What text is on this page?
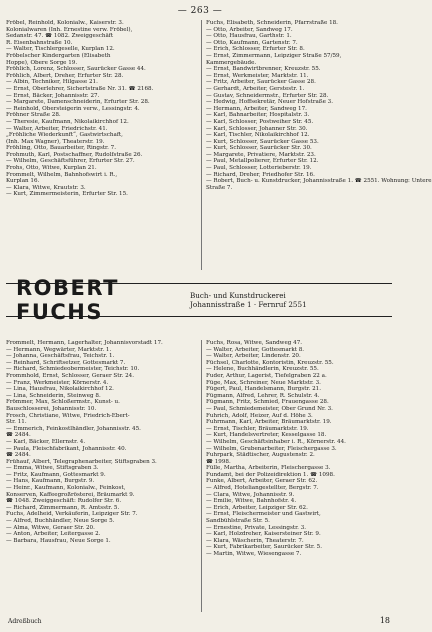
— 263 —
Fröbel, Reinhold, Kolonialw., Kaiserstr. 3.
Kolonialwaren (Inh. Ernestine verw. Fröbel),
Sedanstr. 47. ☎ 1082. Zweiggeschäft
R. Eisenbahnstraße 10.
— Walter, Tischlergeselle, Kurplan 12.
Fröbelscher Kindergarten (Elisabeth
Hoppe), Obere Sorge 19.
Fröhlich, Lorenz, Schlosser, Saurücker Gasse 44.
Fröhlich, Albert, Dreher, Erfurter Str. 28.
— Albin, Techniker, Hilgasse 21.
— Ernst, Oberlehrer, Sichertstraße Nr. 31. ☎ 2168.
— Ernst, Bäcker, Johannisstr. 27.
— Margarete, Damenschneiderin, Erfurter Str. 28.
— Reinhold, Obersteigerin verw., Lessingstr. 4.
Fröhner Straße 28.
— Theresie, Kaufmann, Nikolaikirchhof 12.
— Walter, Arbeiter, Friedrichstr. 41.
„Fröhliche Wiederkunft“, Gastwirtschaft,
(Inh. Max Wagner), Theaterstr. 19.
Fröhling, Otto, Bauarbeiter, Ringstr. 7.
Frohmuth, Karl, Postschaffner, Rudolfstraße 26.
— Wilhelm, Geschäftsführer, Erfurter Str. 27.
Frohs, Otto, Witwe, Kurplan 21.
Frommelt, Wilhelm, Bahnhofswirt i. R.,
Kurplan 16.
— Klara, Witwe, Krautstr. 3.
— Kurt, Zimmermeisterin, Erfurter Str. 15.
Fuchs, Elisabeth, Schneiderin, Pfarrstraße 18.
— Otto, Arbeiter, Sandweg 17.
— Otto, Hausfrau, Garthstr. 1.
— Otto, Kaufmann, Gartenstr. 7.
— Erich, Schlosser, Erfurter Str. 8.
— Ernst, Zimmermann, Leipziger Straße 57/59,
Kammergebäude.
— Ernst, Bandwirtbrenner, Kreuzstr. 55.
— Ernst, Werkmeister, Marktstr. 11.
— Fritz, Arbeiter, Saurücker Gasse 28.
— Gerhardt, Arbeiter, Gerstestr. 1.
— Gustav, Schneidermstr., Erfurter Str. 28.
— Hedwig, Hoffsekretär, Neuer Hofstraße 3.
— Hermann, Arbeiter, Sandweg 17.
— Karl, Bahnarbeiter, Hospitalstr. 3.
— Karl, Schlosser, Postweiher Str. 45.
— Karl, Schlosser, Johanner Str. 30.
— Karl, Tischler, Nikolaikirchhof 12.
— Kurt, Schlosser, Saurücker Gasse 53.
— Kurt, Schlosser, Saurücker Str. 30.
— Margarete, Privatiere, Marktstr. 23.
— Paul, Metallpolierer, Erfurter Str. 12.
— Paul, Schlosser, Lotterieberstr. 19.
— Richard, Dreher, Friedhofer Str. 16.
— Robert, Buch- u. Kunstdrucker, Johannisstraße 1. ☎ 2551. Wohnung: Untere
Straße 7.
ROBERT FUCHS
Buch- und Kunstdruckerei
Johannisstraße 1 · Fernruf 2551
Frommelt, Hermann, Lagerhalter, Johannisvorstadt 17.
— Hermann, Wegwärter, Marktstr. 1.
— Johanna, Geschäftsfrau, Teichstr. 1.
— Reinhard, Schriftsetzer, Gottesmarkt 7.
— Richard, Schmiedeobermeister, Teichstr. 10.
Frommhold, Ernst, Schlosser, Geraer Str. 24.
— Franz, Werkmeister, Körnerstr. 4.
— Lina, Hausfrau, Nikolaikirchhof 12.
— Lina, Schneiderin, Steinweg 8.
Frömmer, Max, Schloßermstr., Kunst- u.
Bauschlosserei, Johannisstr. 10.
Frosch, Christiane, Witwe, Friedrich-Ebert-
Str. 11.
— Emmerich, Feinkostlhändler, Johannisstr. 45.
☎ 2484.
— Karl, Bäcker, Ellernstr. 4.
— Paula, Fleischfabrikant, Johannisstr. 40.
☎ 2484.
Frühauf, Albert, Telegraphenarbeiter, Stiftsgraben 3.
— Emma, Witwe, Stiftsgraben 3.
— Fritz, Kaufmann, Gottesmarkt 9.
— Hans, Kaufmann, Burgstr. 9.
— Heinr., Kaufmann, Kolonialw., Feinkost,
Konserven, Kaffeegroßrösterei, Bräumarkt 9.
☎ 1048. Zweiggeschäft: Rudolfer Str. 6.
— Richard, Zimmermann, R. Amtsstr. 5.
Fuchs, Adelheid, Verkäuferin, Leipziger Str. 7.
— Alfred, Buchhändler, Neue Sorge 5.
— Alma, Witwe, Geraer Str. 20.
— Anton, Arbeiter, Leitergasse 2.
— Barbara, Hausfrau, Neue Sorge 1.
Fuchs, Rosa, Witwe, Sandweg 47.
— Walter, Arbeiter, Gottesmarkt 8.
— Walter, Arbeiter, Lindenstr. 20.
Füchsel, Charlotte, Kontoristin, Kreuzstr. 55.
— Helene, Buchhändlerin, Kreuzstr. 55.
Fuder, Arthur, Lagerist, Tiefelgraben 22 a.
Füge, Max, Schreiner, Neue Marktstr. 3.
Fügert, Paul, Handelsmann, Burgstr. 21.
Fügmann, Alfred, Lehrer, R. Schulstr. 4.
Fügmann, Fritz, Schmied, Frauengasse 28.
— Paul, Schmiedemeister, Ober Grund Nr. 3.
Fuhrich, Adolf, Heizer, Auf d. Höhe 3.
Fuhrmann, Karl, Arbeiter, Bräumarktstr. 19.
— Ernst, Tischler, Bräumarktstr. 19.
— Kurt, Handelsvertreter, Kesselgasse 18.
— Wilhelm, Geschäftsinhaber i. R., Körnerstr. 44.
— Wilhelm, Grubenarbeiter, Fleischergasse 3.
Fuhrpark, Städtischer, Augustenstr. 2.
☎ 1998.
Fülle, Martha, Arbeiterin, Fleischergasse 3.
Fundamt, bei der Polizeidirektion 1. ☎ 1098.
Funke, Albert, Arbeiter, Geraer Str. 62.
— Alfred, Hoteliangestellter, Bergstr. 7.
— Clara, Witwe, Johannisstr. 9.
— Emilie, Witwe, Bahnhofstr. 4.
— Erich, Arbeiter, Leipziger Str. 62.
— Ernst, Fleischermeister und Gastwirt,
Sandbühlstraße Str. 5.
— Ernestine, Private, Lessingstr. 3.
— Karl, Holzdreher, Kaisersteiner Str. 9.
— Klara, Wäscherin, Theaterstr. 7.
— Kurt, Fabrikarbeiter, Saurücker Str. 5.
— Martin, Witwe, Wiesengasse 7.
Adreßbuch	18
